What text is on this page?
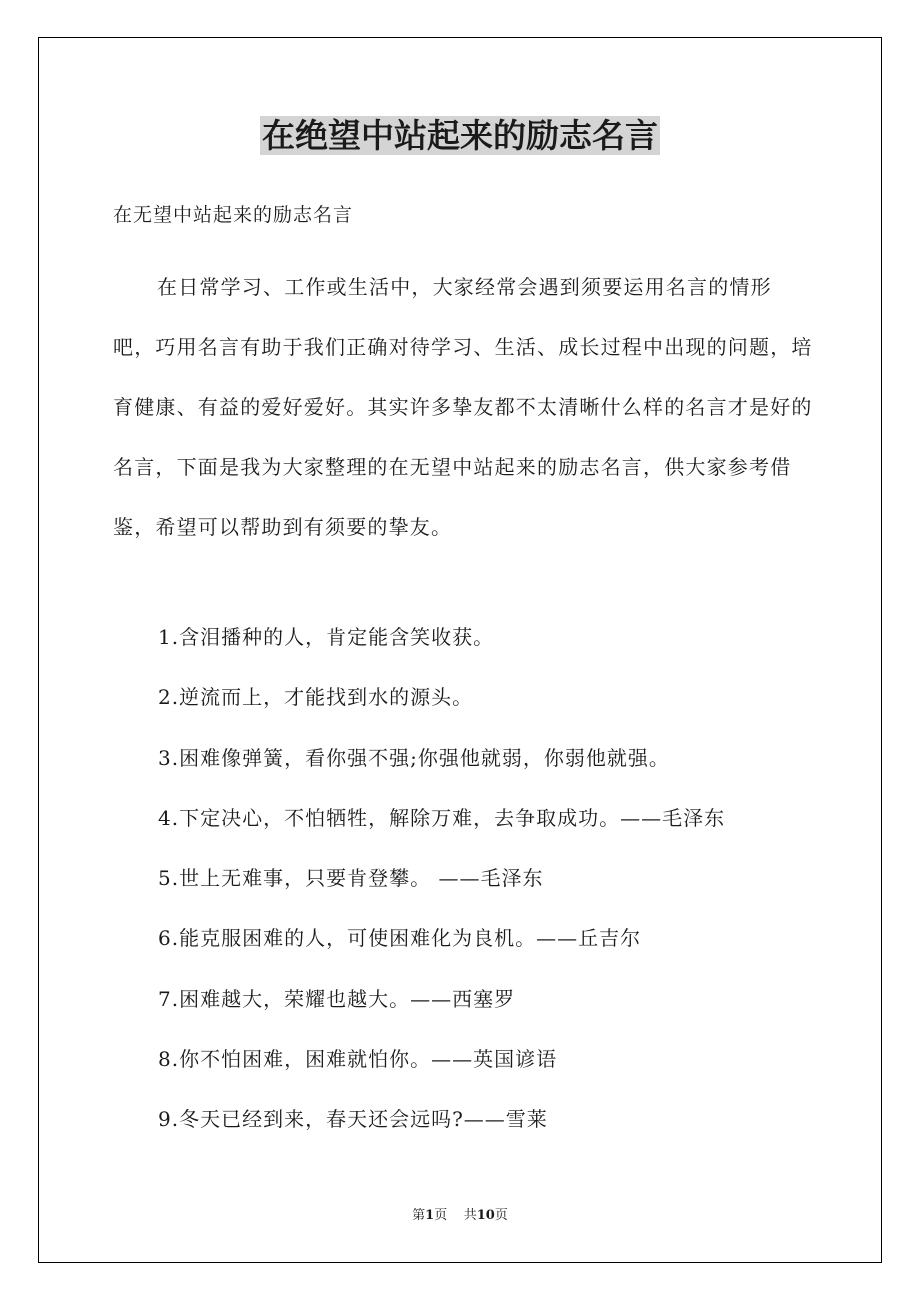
在绝望中站起来的励志名言
在无望中站起来的励志名言

在日常学习、工作或生活中，大家经常会遇到须要运用名言的情形吧，巧用名言有助于我们正确对待学习、生活、成长过程中出现的问题，培育健康、有益的爱好爱好。其实许多挚友都不太清晰什么样的名言才是好的名言，下面是我为大家整理的在无望中站起来的励志名言，供大家参考借鉴，希望可以帮助到有须要的挚友。

1.含泪播种的人，肯定能含笑收获。
2.逆流而上，才能找到水的源头。
3.困难像弹簧，看你强不强;你强他就弱，你弱他就强。
4.下定决心，不怕牺牲，解除万难，去争取成功。——毛泽东
5.世上无难事，只要肯登攀。 ——毛泽东
6.能克服困难的人，可使困难化为良机。——丘吉尔
7.困难越大，荣耀也越大。——西塞罗
8.你不怕困难，困难就怕你。——英国谚语
9.冬天已经到来，春天还会远吗?——雪莱
第1页 共10页
